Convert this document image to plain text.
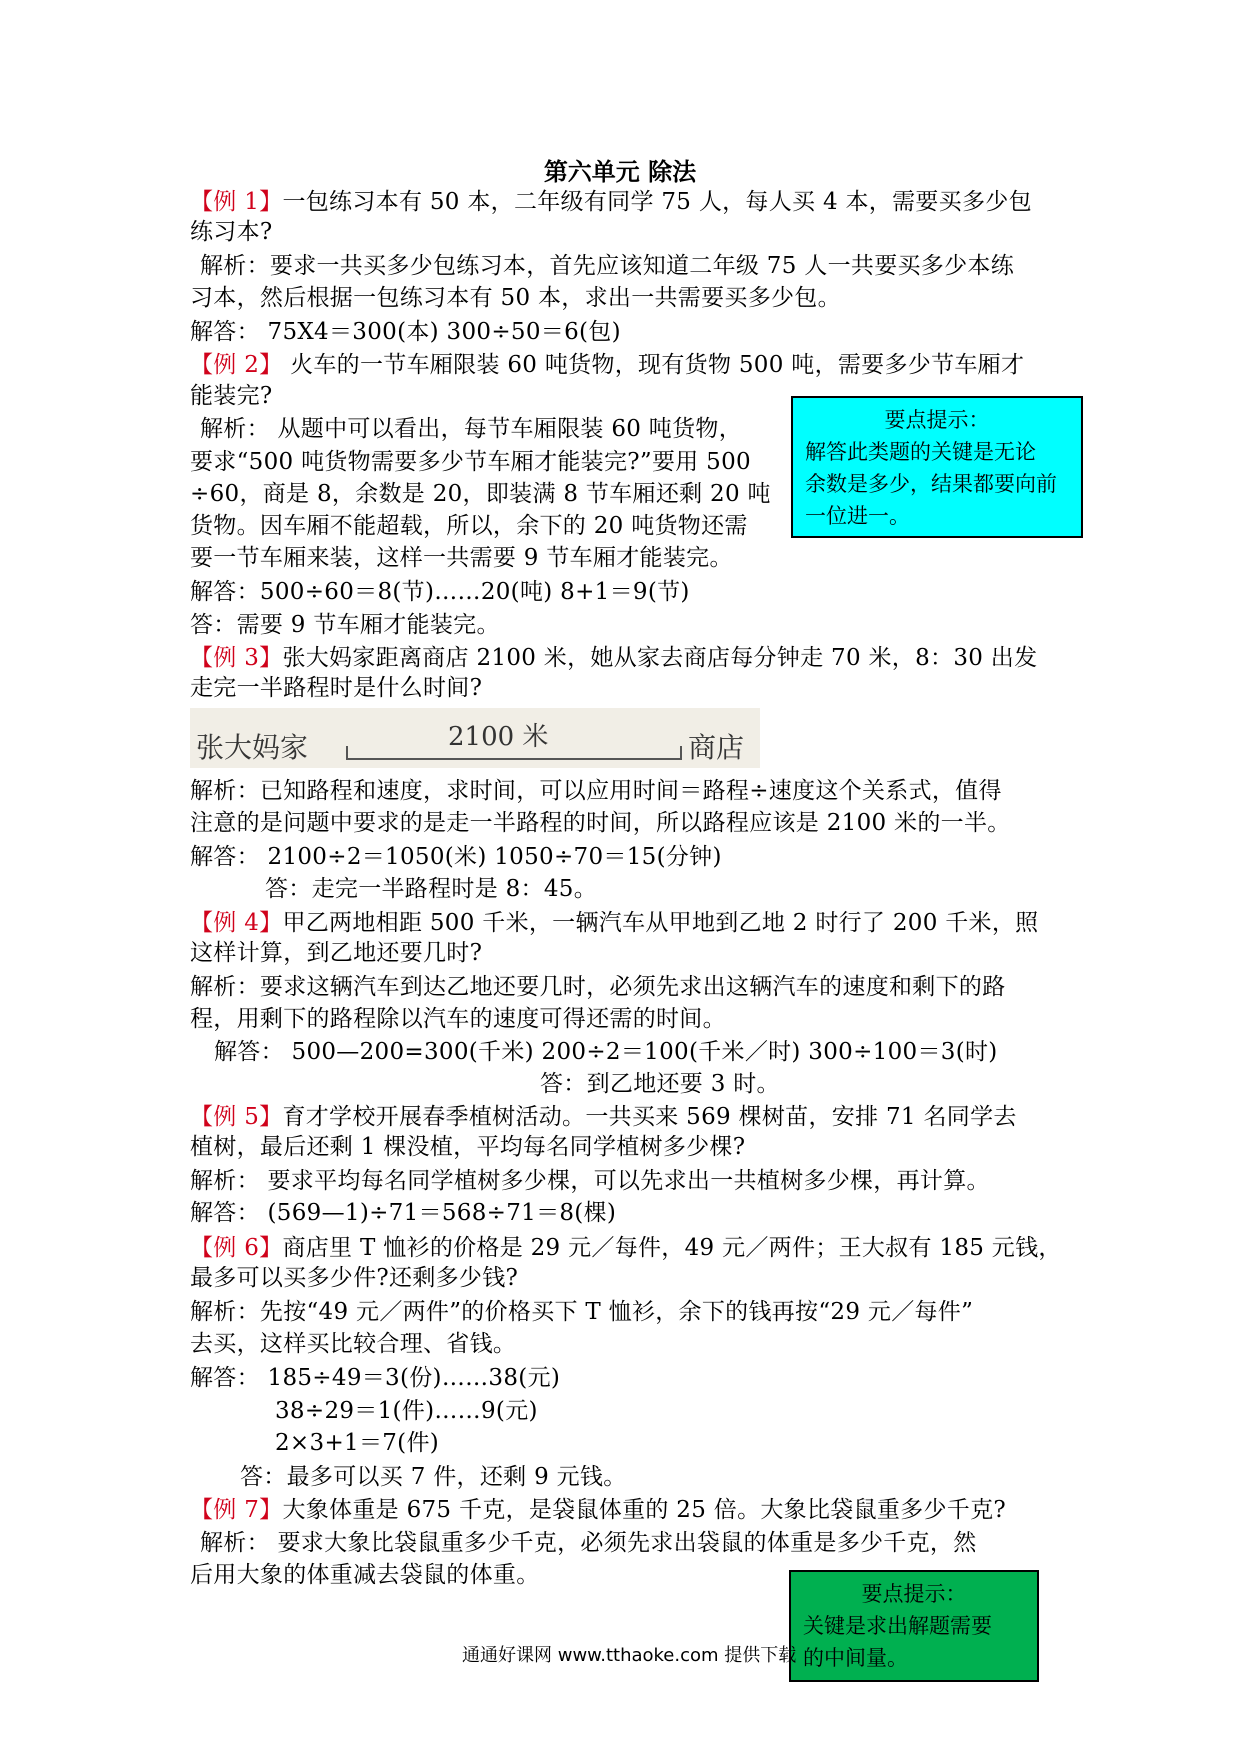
第六单元 除法
【例 1】一包练习本有 50 本，二年级有同学 75 人，每人买 4 本，需要买多少包
练习本?
解析：要求一共买多少包练习本，首先应该知道二年级 75 人一共要买多少本练
习本，然后根据一包练习本有 50 本，求出一共需要买多少包。
解答： 75X4＝300(本) 300÷50＝6(包)
【例 2】 火车的一节车厢限装 60 吨货物，现有货物 500 吨，需要多少节车厢才
能装完?
解析： 从题中可以看出，每节车厢限装 60 吨货物，
要求“500 吨货物需要多少节车厢才能装完?”要用 500
÷60，商是 8，余数是 20，即装满 8 节车厢还剩 20 吨
货物。因车厢不能超载，所以，余下的 20 吨货物还需
要一节车厢来装，这样一共需要 9 节车厢才能装完。
解答：500÷60＝8(节)……20(吨) 8+1＝9(节)
答：需要 9 节车厢才能装完。
【例 3】张大妈家距离商店 2100 米，她从家去商店每分钟走 70 米，8：30 出发
走完一半路程时是什么时间?
解析：已知路程和速度，求时间，可以应用时间＝路程÷速度这个关系式，值得
注意的是问题中要求的是走一半路程的时间，所以路程应该是 2100 米的一半。
解答： 2100÷2＝1050(米) 1050÷70＝15(分钟)
答：走完一半路程时是 8：45。
【例 4】甲乙两地相距 500 千米，一辆汽车从甲地到乙地 2 时行了 200 千米，照
这样计算，到乙地还要几时?
解析：要求这辆汽车到达乙地还要几时，必须先求出这辆汽车的速度和剩下的路
程，用剩下的路程除以汽车的速度可得还需的时间。
解答： 500—200=300(千米) 200÷2＝100(千米／时) 300÷100＝3(时)
答：到乙地还要 3 时。
【例 5】育才学校开展春季植树活动。一共买来 569 棵树苗，安排 71 名同学去
植树，最后还剩 1 棵没植，平均每名同学植树多少棵?
解析： 要求平均每名同学植树多少棵，可以先求出一共植树多少棵，再计算。
解答： (569—1)÷71＝568÷71＝8(棵)
【例 6】商店里 T 恤衫的价格是 29 元／每件，49 元／两件；王大叔有 185 元钱，
最多可以买多少件?还剩多少钱?
解析：先按“49 元／两件”的价格买下 T 恤衫，余下的钱再按“29 元／每件”
去买，这样买比较合理、省钱。
解答： 185÷49＝3(份)……38(元)
38÷29＝1(件)……9(元)
2×3+1＝7(件)
答：最多可以买 7 件，还剩 9 元钱。
【例 7】大象体重是 675 千克，是袋鼠体重的 25 倍。大象比袋鼠重多少千克?
解析： 要求大象比袋鼠重多少千克，必须先求出袋鼠的体重是多少千克，然
后用大象的体重减去袋鼠的体重。
张大妈家	2100 米	商店
要点提示：
解答此类题的关键是无论
余数是多少，结果都要向前
一位进一。
要点提示：
关键是求出解题需要
的中间量。
通通好课网 www.tthaoke.com 提供下载
